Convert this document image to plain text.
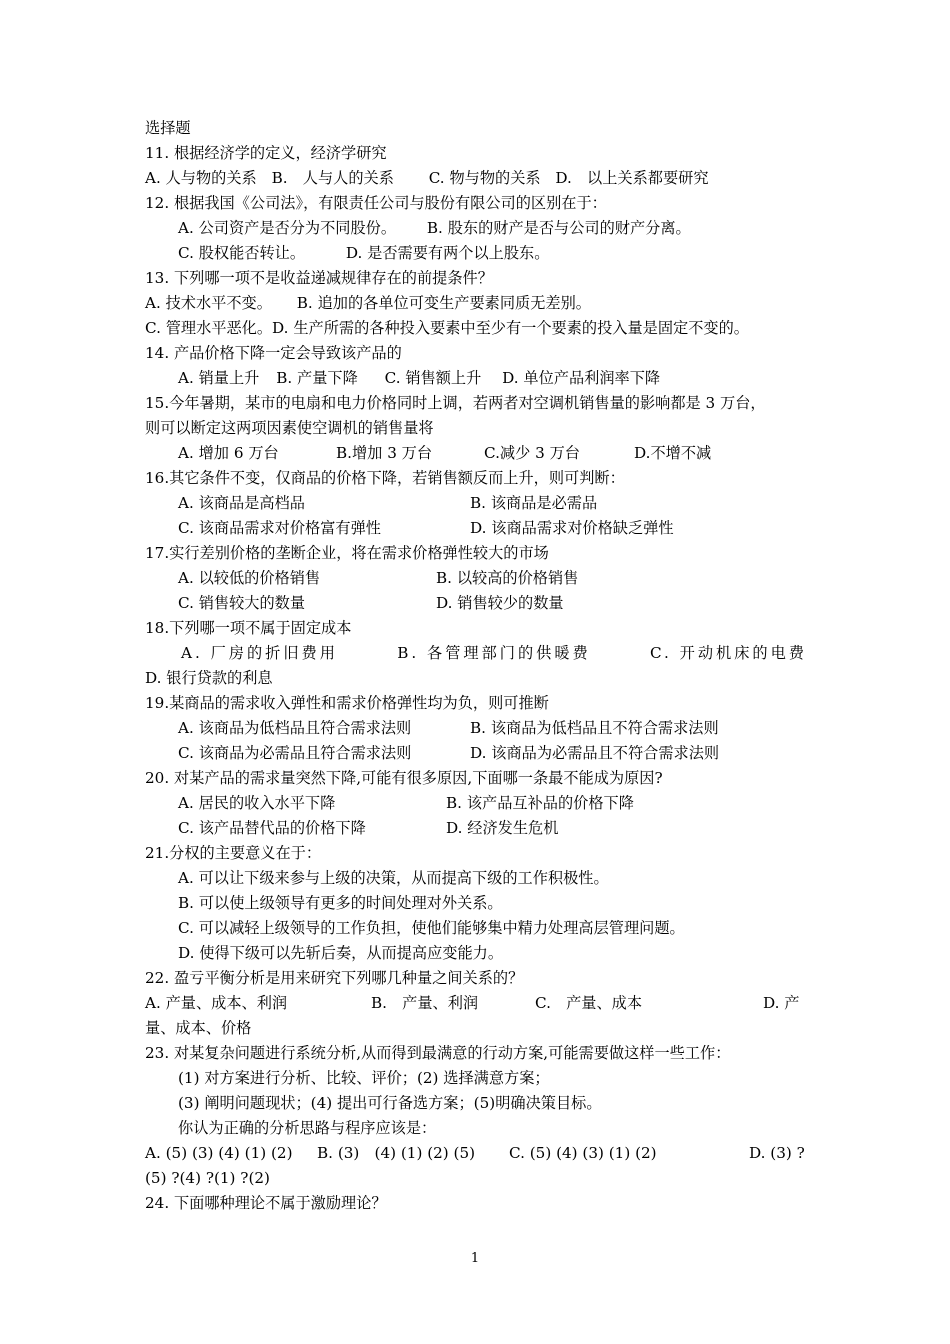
选择题
11. 根据经济学的定义，经济学研究
A. 人与物的关系 B.　人与人的关系 C. 物与物的关系 D.　以上关系都要研究
12. 根据我国《公司法》，有限责任公司与股份有限公司的区别在于：
A. 公司资产是否分为不同股份。 B. 股东的财产是否与公司的财产分离。
C. 股权能否转让。	D. 是否需要有两个以上股东。
13. 下列哪一项不是收益递减规律存在的前提条件？
A. 技术水平不变。 B. 追加的各单位可变生产要素同质无差别。
C. 管理水平恶化。D. 生产所需的各种投入要素中至少有一个要素的投入量是固定不变的。
14. 产品价格下降一定会导致该产品的
A. 销量上升 B. 产量下降 C. 销售额上升 D. 单位产品利润率下降
15.今年暑期，某市的电扇和电力价格同时上调，若两者对空调机销售量的影响都是 3 万台，
则可以断定这两项因素使空调机的销售量将
A. 增加 6 万台	B.增加 3 万台	C.减少 3 万台	D.不增不减
16.其它条件不变，仅商品的价格下降，若销售额反而上升，则可判断：
A. 该商品是高档品	B. 该商品是必需品
C. 该商品需求对价格富有弹性	D. 该商品需求对价格缺乏弹性
17.实行差别价格的垄断企业，将在需求价格弹性较大的市场
A. 以较低的价格销售	B. 以较高的价格销售
C. 销售较大的数量	D. 销售较少的数量
18.下列哪一项不属于固定成本
A. 厂房的折旧费用	B. 各管理部门的供暖费	C. 开动机床的电费
D. 银行贷款的利息
19.某商品的需求收入弹性和需求价格弹性均为负，则可推断
A. 该商品为低档品且符合需求法则	B. 该商品为低档品且不符合需求法则
C. 该商品为必需品且符合需求法则	D. 该商品为必需品且不符合需求法则
20. 对某产品的需求量突然下降,可能有很多原因,下面哪一条最不能成为原因?
A. 居民的收入水平下降	B. 该产品互补品的价格下降
C. 该产品替代品的价格下降	D. 经济发生危机
21.分权的主要意义在于：
A. 可以让下级来参与上级的决策，从而提高下级的工作积极性。
B. 可以使上级领导有更多的时间处理对外关系。
C. 可以减轻上级领导的工作负担，使他们能够集中精力处理高层管理问题。
D. 使得下级可以先斩后奏，从而提高应变能力。
22. 盈亏平衡分析是用来研究下列哪几种量之间关系的？
A. 产量、成本、利润	B.　产量、利润	C.　产量、成本	D. 产
量、成本、价格
23. 对某复杂问题进行系统分析,从而得到最满意的行动方案,可能需要做这样一些工作：
(1) 对方案进行分析、比较、评价；(2) 选择满意方案；
(3) 阐明问题现状；(4) 提出可行备选方案；(5)明确决策目标。
你认为正确的分析思路与程序应该是：
A. (5) (3) (4) (1) (2) B. (3)　(4) (1) (2) (5) C. (5) (4) (3) (1) (2)	D. (3) ?
(5) ?(4) ?(1) ?(2)
24. 下面哪种理论不属于激励理论？
1
